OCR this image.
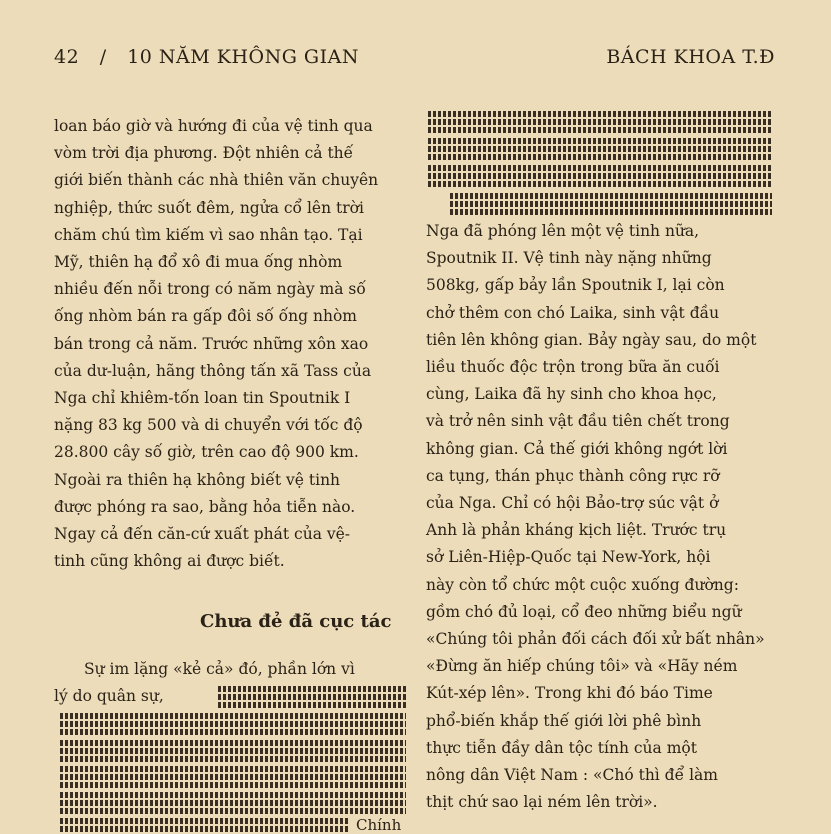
42 / 10 NĂM KHÔNG GIAN	BÁCH KHOA T.Đ

loan báo giờ và hướng đi của vệ tinh qua

vòm trời địa phương. Đột nhiên cả thế

giới biến thành các nhà thiên văn chuyên

nghiệp, thức suốt đêm, ngửa cổ lên trời

chăm chú tìm kiếm vì sao nhân tạo. Tại

Mỹ, thiên hạ đổ xô đi mua ống nhòm

nhiều đến nỗi trong có năm ngày mà số

ống nhòm bán ra gấp đôi số ống nhòm

bán trong cả năm. Trước những xôn xao

của dư-luận, hãng thông tấn xã Tass của

Nga chỉ khiêm-tốn loan tin Spoutnik I

nặng 83 kg 500 và di chuyển với tốc độ

28.800 cây số giờ, trên cao độ 900 km.

Ngoài ra thiên hạ không biết vệ tinh

được phóng ra sao, bằng hỏa tiễn nào.

Ngay cả đến căn-cứ xuất phát của vệ-

tinh cũng không ai được biết.

Chưa đẻ đã cục tác
Sự im lặng «kẻ cả» đó, phần lớn vì
lý do quân sự,
Chính

Nga đã phóng lên một vệ tinh nữa,

Spoutnik II. Vệ tinh này nặng những

508kg, gấp bảy lần Spoutnik I, lại còn

chở thêm con chó Laika, sinh vật đầu

tiên lên không gian. Bảy ngày sau, do một

liều thuốc độc trộn trong bữa ăn cuối

cùng, Laika đã hy sinh cho khoa học,

và trở nên sinh vật đầu tiên chết trong

không gian. Cả thế giới không ngớt lời

ca tụng, thán phục thành công rực rỡ

của Nga. Chỉ có hội Bảo-trợ súc vật ở

Anh là phản kháng kịch liệt. Trước trụ

sở Liên-Hiệp-Quốc tại New-York, hội

này còn tổ chức một cuộc xuống đường:

gồm chó đủ loại, cổ đeo những biểu ngữ

«Chúng tôi phản đối cách đối xử bất nhân»

«Đừng ăn hiếp chúng tôi» và «Hãy ném

Kút-xép lên». Trong khi đó báo Time

phổ-biến khắp thế giới lời phê bình

thực tiễn đầy dân tộc tính của một

nông dân Việt Nam : «Chó thì để làm

thịt chứ sao lại ném lên trời».
